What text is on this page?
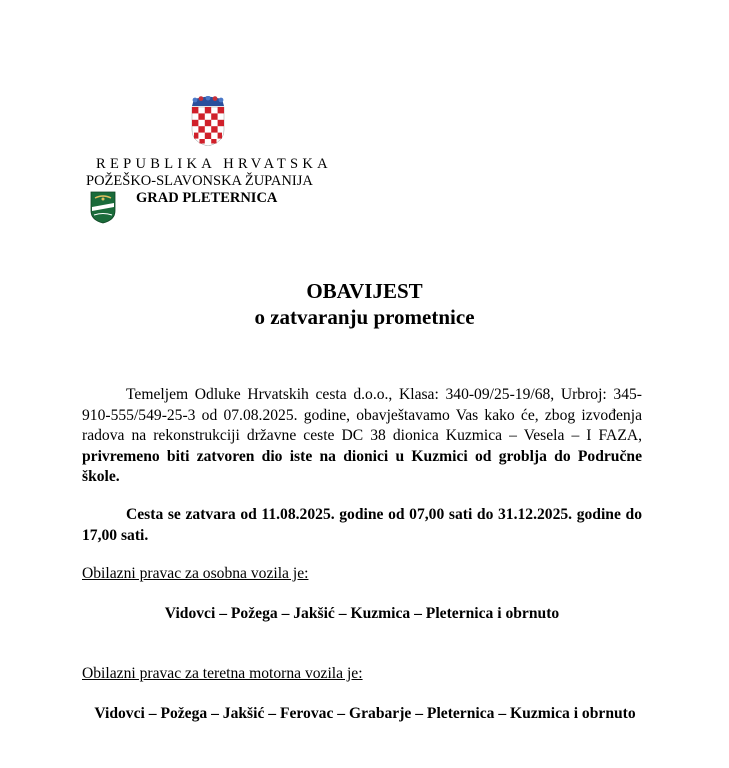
REPUBLIKA HRVATSKA
POŽEŠKO-SLAVONSKA ŽUPANIJA
GRAD PLETERNICA
OBAVIJEST
o zatvaranju prometnice

Temeljem Odluke Hrvatskih cesta d.o.o., Klasa: 340-09/25-19/68, Urbroj: 345-910-555/549-25-3 od 07.08.2025. godine, obavještavamo Vas kako će, zbog izvođenja radova na rekonstrukciji državne ceste DC 38 dionica Kuzmica – Vesela – I FAZA, privremeno biti zatvoren dio iste na dionici u Kuzmici od groblja do Područne škole.

Cesta se zatvara od 11.08.2025. godine od 07,00 sati do 31.12.2025. godine do 17,00 sati.

Obilazni pravac za osobna vozila je:
Vidovci – Požega – Jakšić – Kuzmica – Pleternica i obrnuto
Obilazni pravac za teretna motorna vozila je:
Vidovci – Požega – Jakšić – Ferovac – Grabarje – Pleternica – Kuzmica i obrnuto
